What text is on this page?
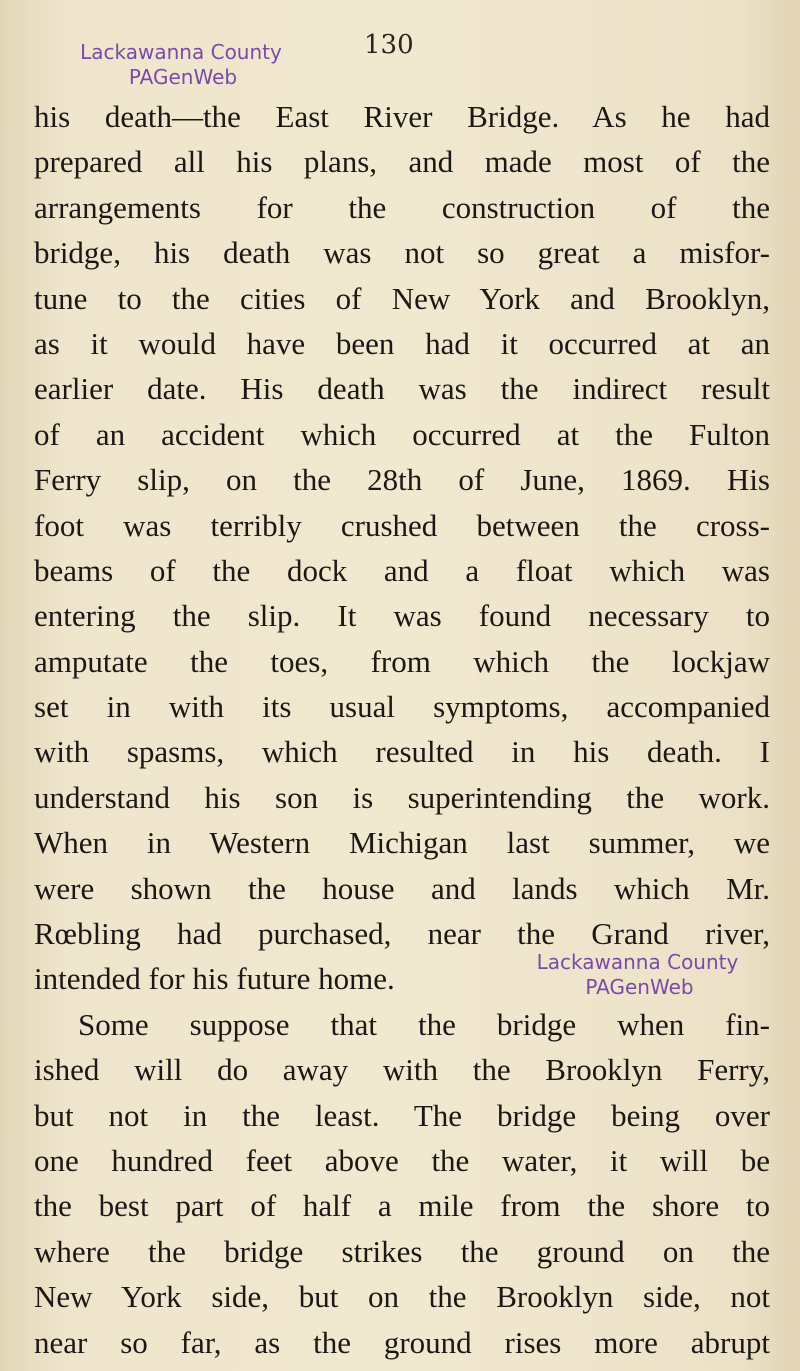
130
Lackawanna County
PAGenWeb
his death—the East River Bridge. As he had
prepared all his plans, and made most of the
arrangements for the construction of the
bridge, his death was not so great a misfor-
tune to the cities of New York and Brooklyn,
as it would have been had it occurred at an
earlier date. His death was the indirect result
of an accident which occurred at the Fulton
Ferry slip, on the 28th of June, 1869. His
foot was terribly crushed between the cross-
beams of the dock and a float which was
entering the slip. It was found necessary to
amputate the toes, from which the lockjaw
set in with its usual symptoms, accompanied
with spasms, which resulted in his death. I
understand his son is superintending the work.
When in Western Michigan last summer, we
were shown the house and lands which Mr.
Rœbling had purchased, near the Grand river,
intended for his future home.
Some suppose that the bridge when fin-
ished will do away with the Brooklyn Ferry,
but not in the least. The bridge being over
one hundred feet above the water, it will be
the best part of half a mile from the shore to
where the bridge strikes the ground on the
New York side, but on the Brooklyn side, not
near so far, as the ground rises more abrupt
Lackawanna County
PAGenWeb
